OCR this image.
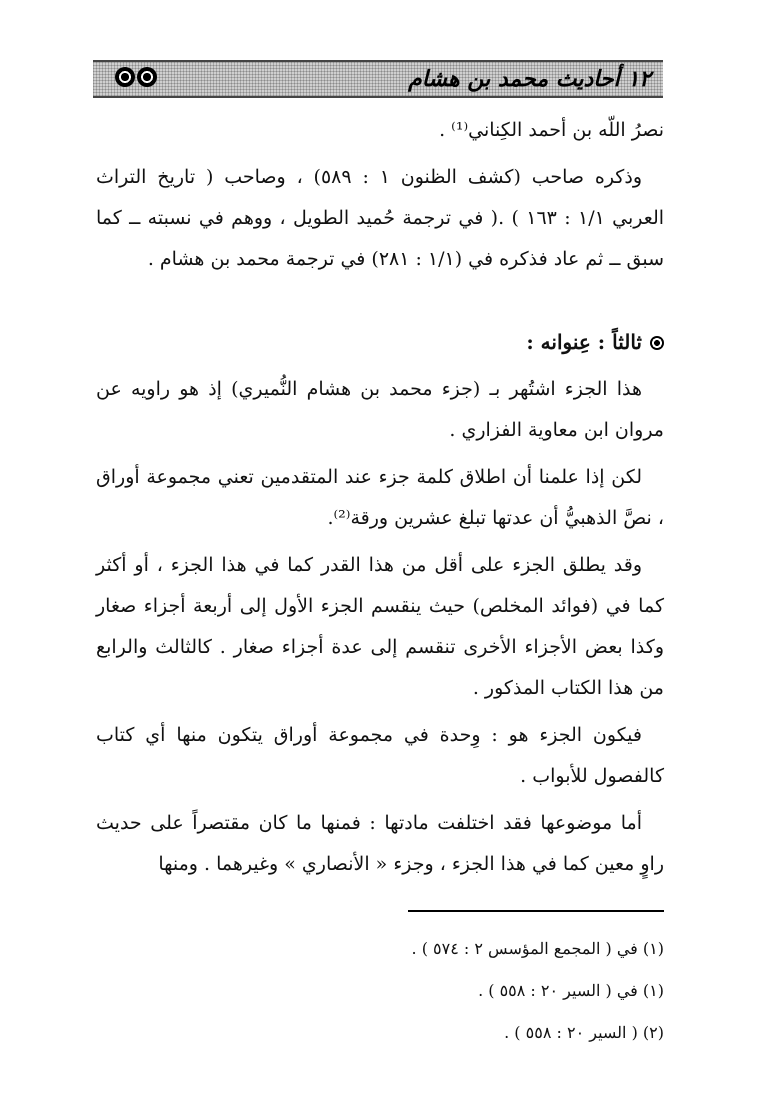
١٢ أحاديث محمد بن هشام

نصرُ اللّه بن أحمد الكِناني⁽¹⁾ .

وذكره صاحب (كشف الظنون ١ : ٥٨٩) ، وصاحب ( تاريخ التراث العربي ١/١ : ١٦٣ ) .( في ترجمة حُميد الطويل ، ووهم في نسبته ــ كما سبق ــ ثم عاد فذكره في (١/١ : ٢٨١) في ترجمة محمد بن هشام .

ثالثاً : عِنوانه :

هذا الجزء اشتُهر بـ (جزء محمد بن هشام النُّميري) إذ هو راويه عن مروان ابن معاوية الفزاري .

لكن إذا علمنا أن اطلاق كلمة جزء عند المتقدمين تعني مجموعة أوراق ، نصَّ الذهبيُّ أن عدتها تبلغ عشرين ورقة⁽²⁾.

وقد يطلق الجزء على أقل من هذا القدر كما في هذا الجزء ، أو أكثر كما في (فوائد المخلص) حيث ينقسم الجزء الأول إلى أربعة أجزاء صغار وكذا بعض الأجزاء الأخرى تنقسم إلى عدة أجزاء صغار . كالثالث والرابع من هذا الكتاب المذكور .

فيكون الجزء هو : وِحدة في مجموعة أوراق يتكون منها أي كتاب كالفصول للأبواب .

أما موضوعها فقد اختلفت مادتها : فمنها ما كان مقتصراً على حديث راوٍ معين كما في هذا الجزء ، وجزء « الأنصاري » وغيرهما . ومنها

(١) في ( المجمع المؤسس ٢ : ٥٧٤ ) .
(١) في ( السير ٢٠ : ٥٥٨ ) .
(٢) ( السير ٢٠ : ٥٥٨ ) .
